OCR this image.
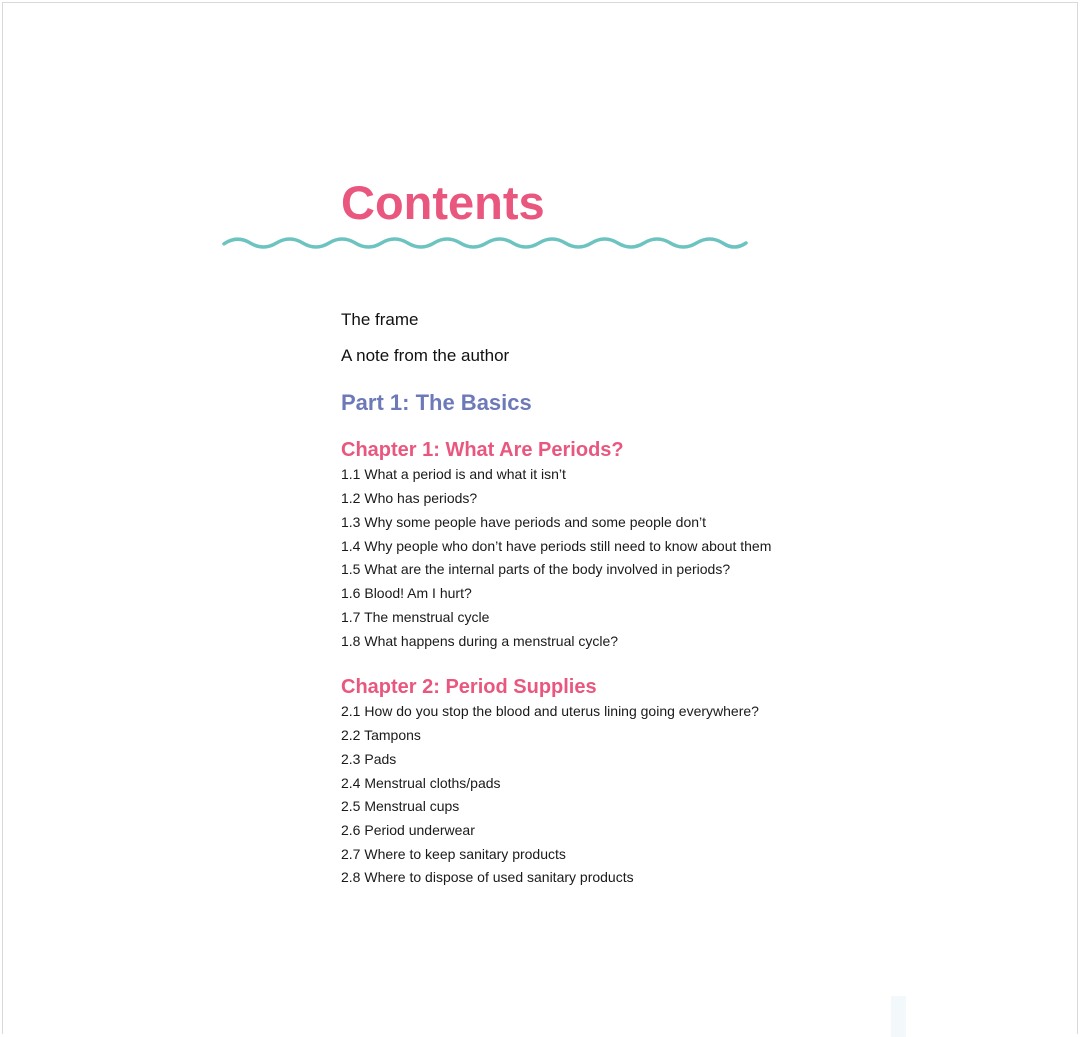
Contents
The frame
A note from the author
Part 1: The Basics
Chapter 1: What Are Periods?
1.1 What a period is and what it isn’t
1.2 Who has periods?
1.3 Why some people have periods and some people don’t
1.4 Why people who don’t have periods still need to know about them
1.5 What are the internal parts of the body involved in periods?
1.6 Blood! Am I hurt?
1.7 The menstrual cycle
1.8 What happens during a menstrual cycle?
Chapter 2: Period Supplies
2.1 How do you stop the blood and uterus lining going everywhere?
2.2 Tampons
2.3 Pads
2.4 Menstrual cloths/pads
2.5 Menstrual cups
2.6 Period underwear
2.7 Where to keep sanitary products
2.8 Where to dispose of used sanitary products
